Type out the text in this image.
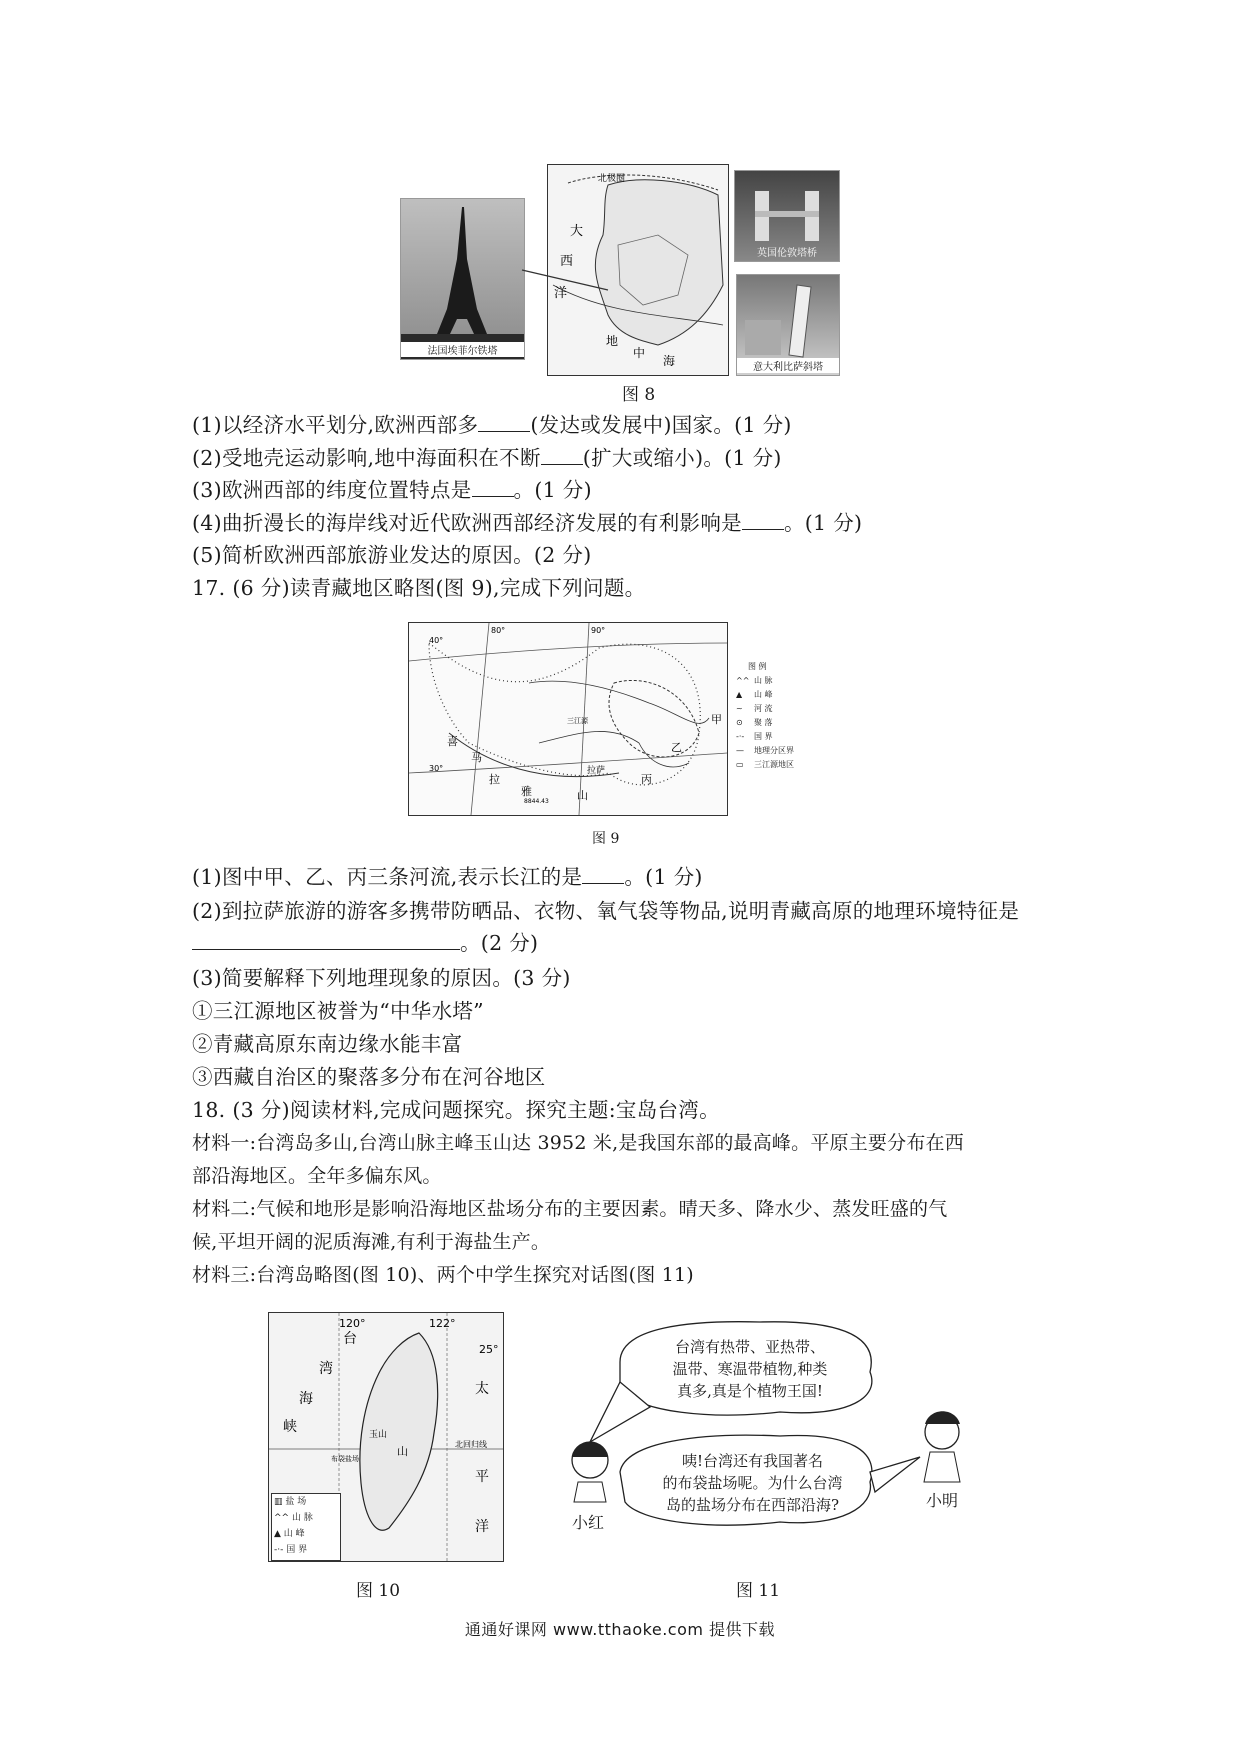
法国埃菲尔铁塔
大
西
洋
地
中
海
北极圈
英国伦敦塔桥
意大利比萨斜塔
图 8
(1)以经济水平划分,欧洲西部多	(发达或发展中)国家。(1 分)
(2)受地壳运动影响,地中海面积在不断 (扩大或缩小)。(1 分)
(3)欧洲西部的纬度位置特点是 。(1 分)
(4)曲折漫长的海岸线对近代欧洲西部经济发展的有利影响是 。(1 分)
(5)简析欧洲西部旅游业发达的原因。(2 分)
17. (6 分)读青藏地区略图(图 9),完成下列问题。
40°
30°
80°	90°
甲
乙
丙
拉萨
喜
马
拉
雅	山
三江源
8844.43
图 例
^^ 山 脉
▲ 山 峰
~ 河 流
⊙ 聚 落
-·- 国 界
— 地理分区界
▭ 三江源地区
图 9
(1)图中甲、乙、丙三条河流,表示长江的是 。(1 分)
(2)到拉萨旅游的游客多携带防晒品、衣物、氧气袋等物品,说明青藏高原的地理环境特征是
。(2 分)
(3)简要解释下列地理现象的原因。(3 分)
①三江源地区被誉为“中华水塔”
②青藏高原东南边缘水能丰富
③西藏自治区的聚落多分布在河谷地区
18. (3 分)阅读材料,完成问题探究。探究主题:宝岛台湾。
材料一:台湾岛多山,台湾山脉主峰玉山达 3952 米,是我国东部的最高峰。平原主要分布在西
部沿海地区。全年多偏东风。
材料二:气候和地形是影响沿海地区盐场分布的主要因素。晴天多、降水少、蒸发旺盛的气
候,平坦开阔的泥质海滩,有利于海盐生产。
材料三:台湾岛略图(图 10)、两个中学生探究对话图(图 11)
120°	122°
25°
台
湾
海
峡
太
平
洋
北回归线
玉山
布袋盐场
山
▥ 盐 场
^^ 山 脉
▲ 山 峰
-·- 国 界
图 10
台湾有热带、亚热带、
温带、寒温带植物,种类
真多,真是个植物王国!
咦!台湾还有我国著名
的布袋盐场呢。为什么台湾
岛的盐场分布在西部沿海?
小红
小明
图 11
通通好课网 www.tthaoke.com 提供下载
